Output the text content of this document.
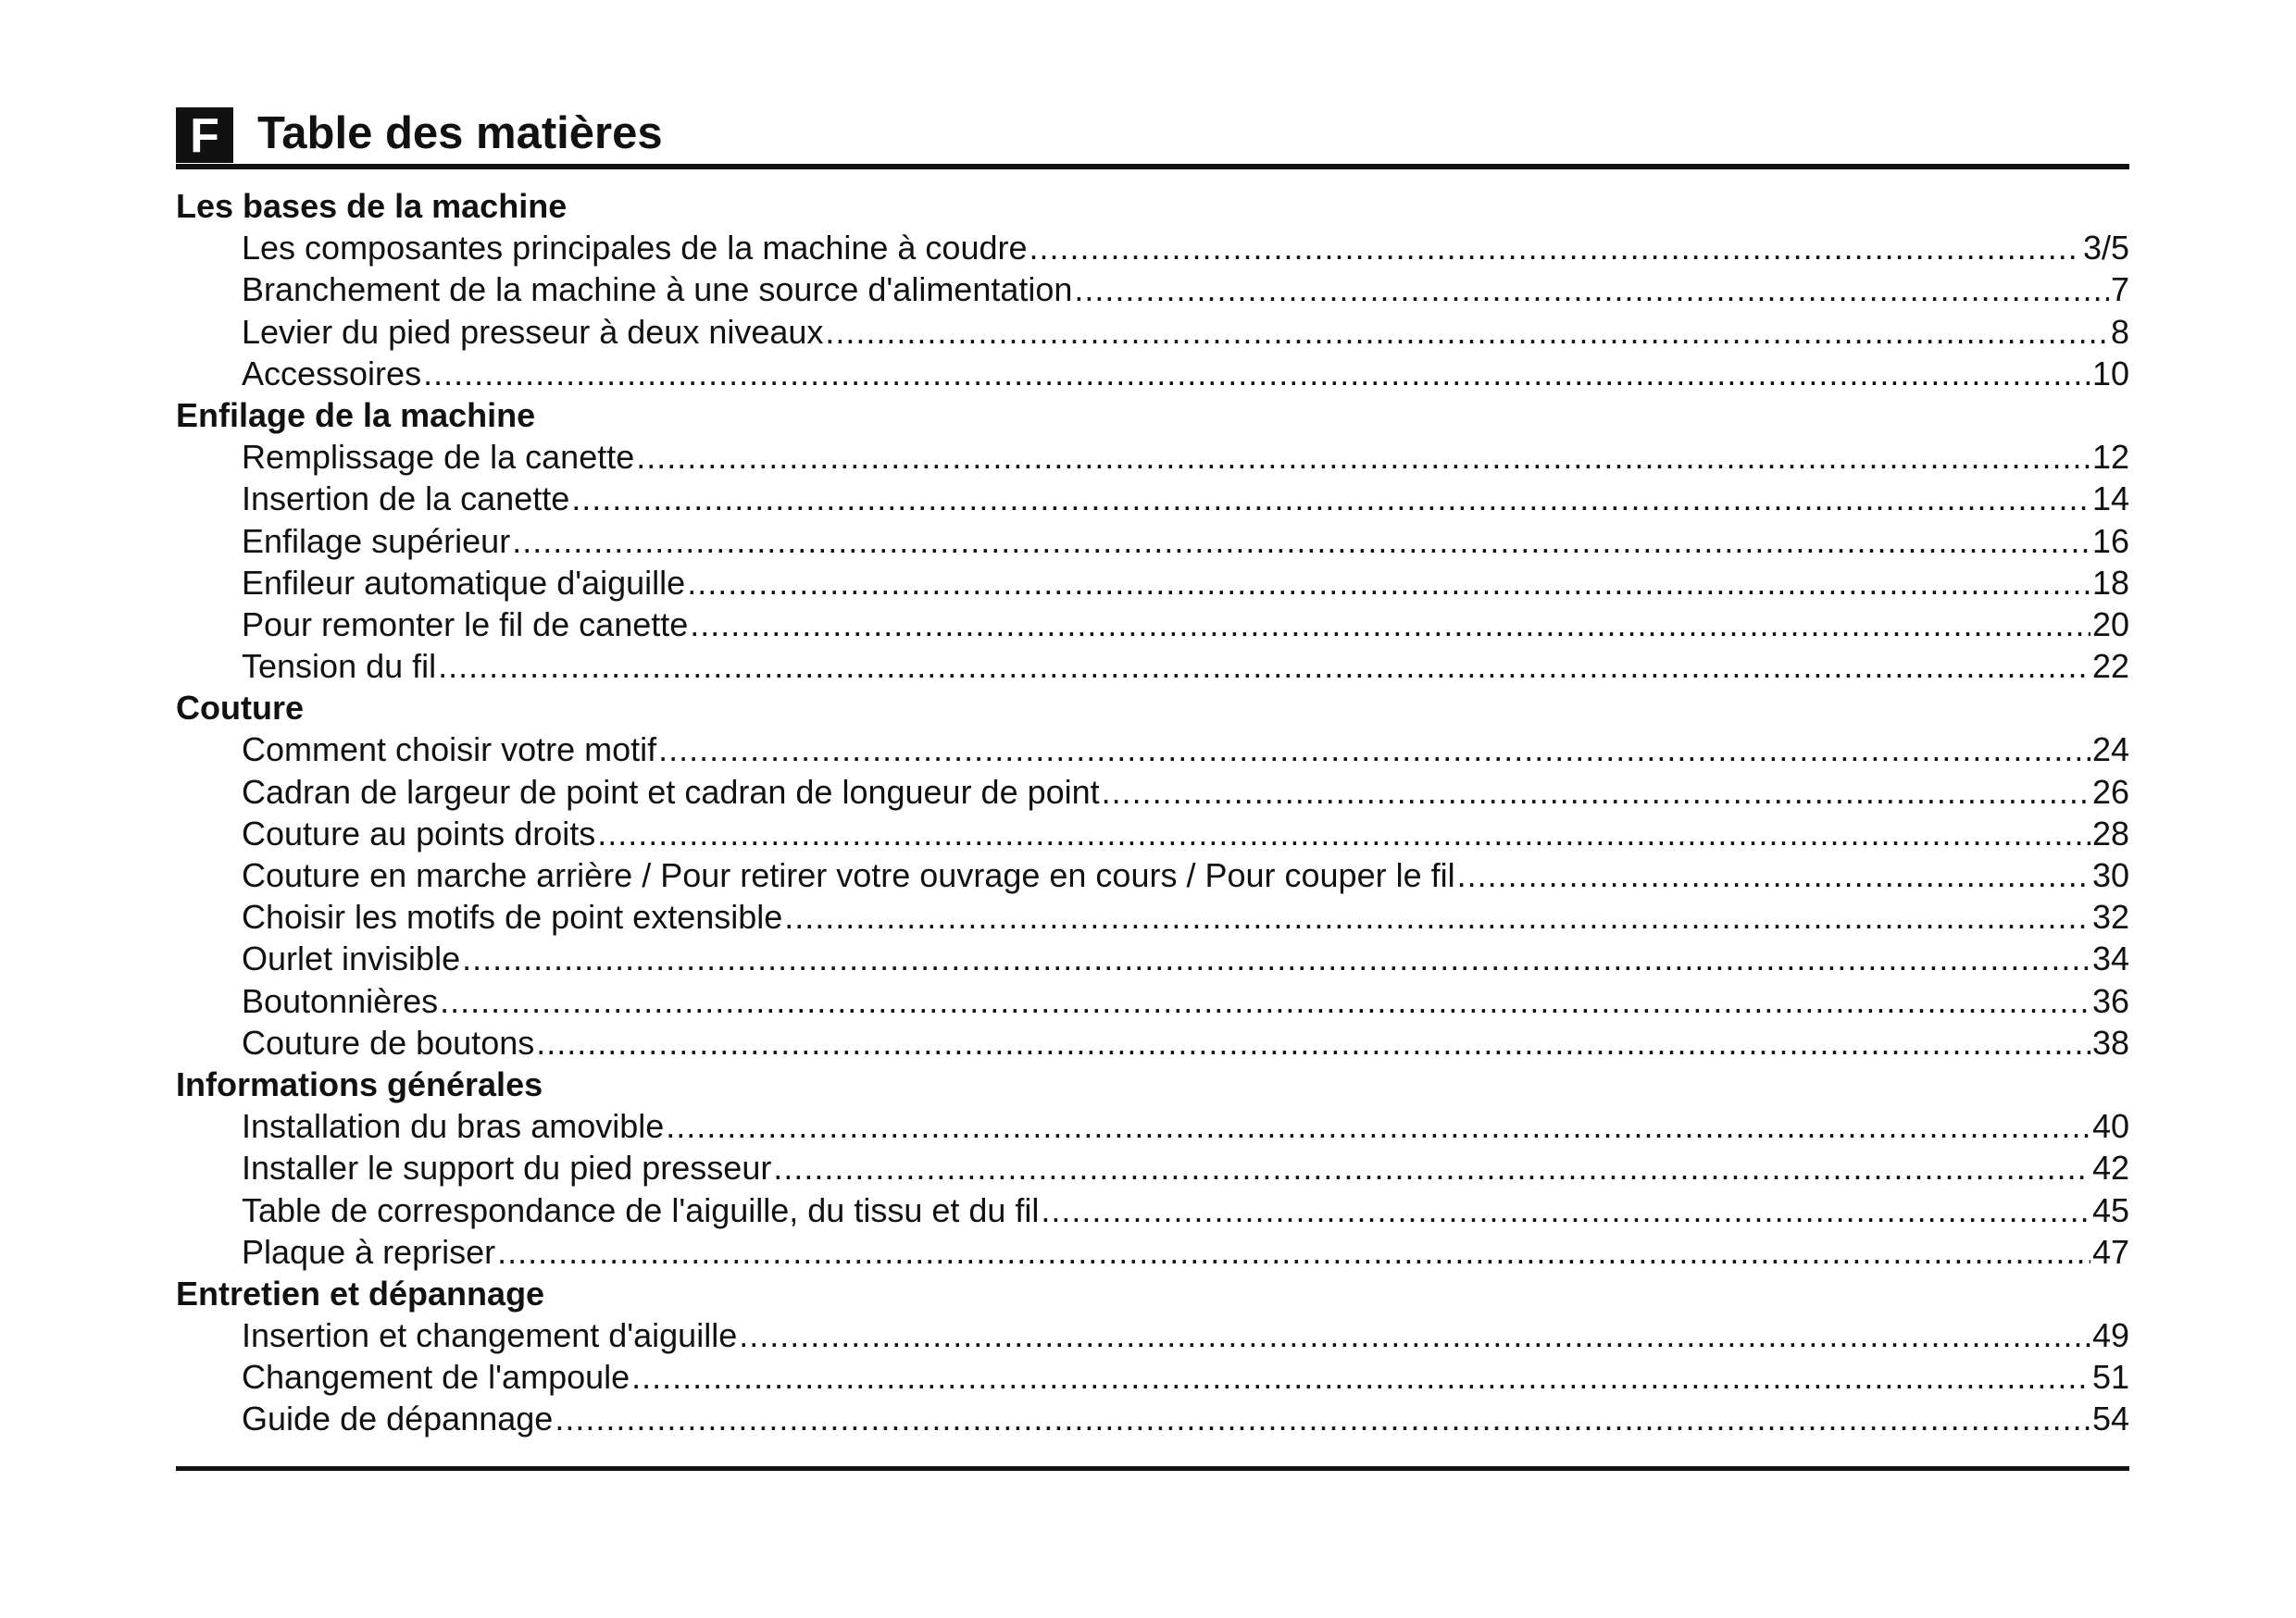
F Table des matières
Les bases de la machine
Les composantes principales de la machine à coudre .....	3/5
Branchement de la machine à une source d'alimentation .....	7
Levier du pied presseur à deux niveaux .....	8
Accessoires .....	10
Enfilage de la machine
Remplissage de la canette .....	12
Insertion de la canette .....	14
Enfilage supérieur .....	16
Enfileur automatique d'aiguille .....	18
Pour remonter le fil de canette .....	20
Tension du fil .....	22
Couture
Comment choisir votre motif .....	24
Cadran de largeur de point et cadran de longueur de point .....	26
Couture au points droits .....	28
Couture en marche arrière / Pour retirer votre ouvrage en cours / Pour couper le fil .....	30
Choisir les motifs de point extensible .....	32
Ourlet invisible .....	34
Boutonnières .....	36
Couture de boutons .....	38
Informations générales
Installation du bras amovible .....	40
Installer le support du pied presseur .....	42
Table de correspondance de l'aiguille, du tissu et du fil .....	45
Plaque à repriser .....	47
Entretien et dépannage
Insertion et changement d'aiguille .....	49
Changement de l'ampoule .....	51
Guide de dépannage .....	54
